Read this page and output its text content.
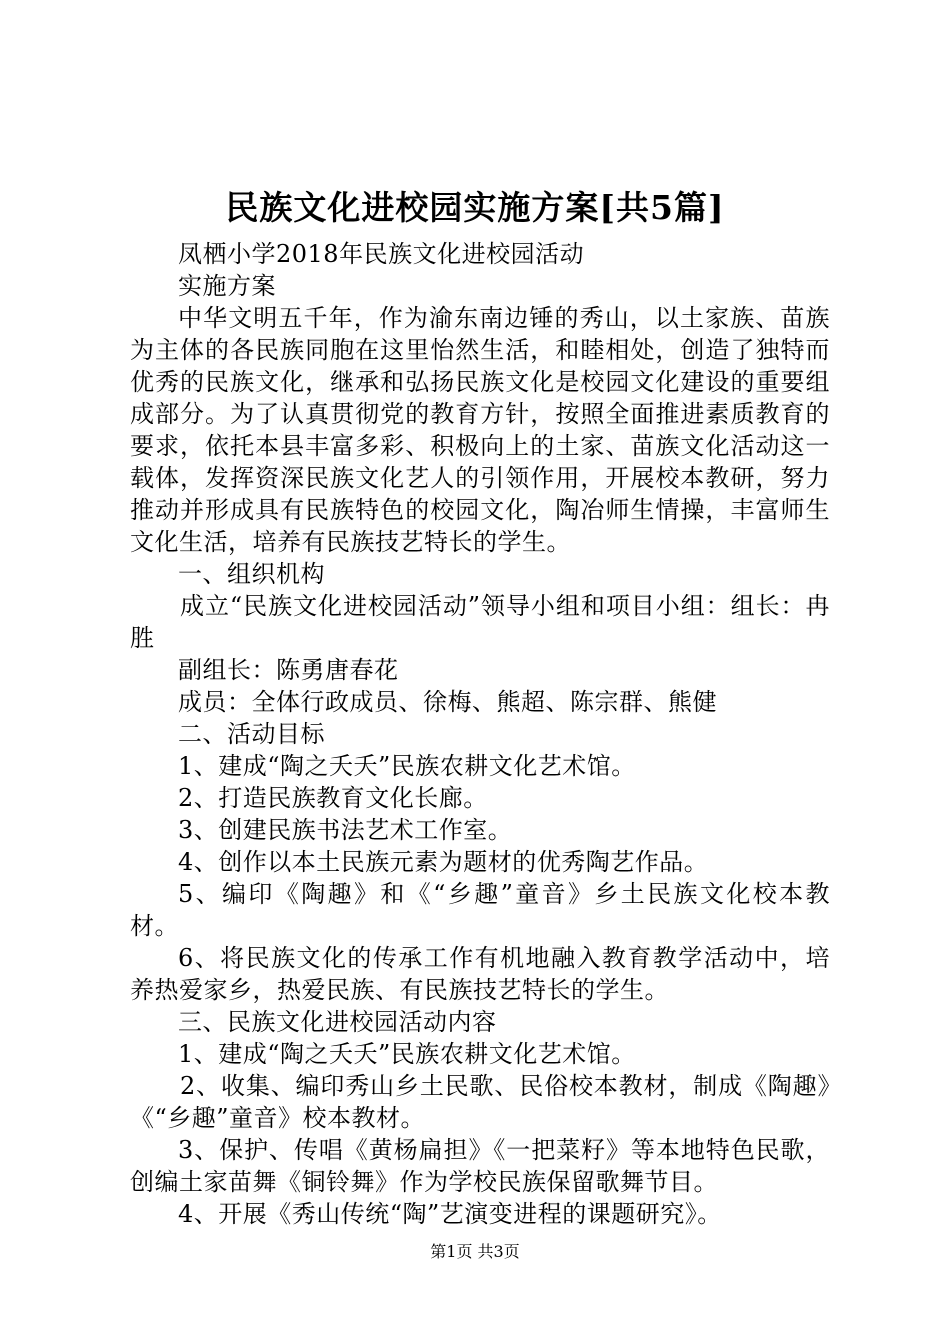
民族文化进校园实施方案[共5篇]

凤栖小学2018年民族文化进校园活动

实施方案

中华文明五千年，作为渝东南边锤的秀山，以土家族、苗族为主体的各民族同胞在这里怡然生活，和睦相处，创造了独特而优秀的民族文化，继承和弘扬民族文化是校园文化建设的重要组成部分。为了认真贯彻党的教育方针，按照全面推进素质教育的要求，依托本县丰富多彩、积极向上的土家、苗族文化活动这一载体，发挥资深民族文化艺人的引领作用，开展校本教研，努力推动并形成具有民族特色的校园文化，陶冶师生情操，丰富师生文化生活，培养有民族技艺特长的学生。

一、组织机构

成立“民族文化进校园活动”领导小组和项目小组：组长：冉胜

副组长：陈勇唐春花

成员：全体行政成员、徐梅、熊超、陈宗群、熊健

二、活动目标

1、建成“陶之夭夭”民族农耕文化艺术馆。

2、打造民族教育文化长廊。

3、创建民族书法艺术工作室。

4、创作以本土民族元素为题材的优秀陶艺作品。

5、编印《陶趣》和《“乡趣”童音》乡土民族文化校本教材。

6、将民族文化的传承工作有机地融入教育教学活动中，培养热爱家乡，热爱民族、有民族技艺特长的学生。

三、民族文化进校园活动内容

1、建成“陶之夭夭”民族农耕文化艺术馆。

2、收集、编印秀山乡土民歌、民俗校本教材，制成《陶趣》《“乡趣”童音》校本教材。

3、保护、传唱《黄杨扁担》《一把菜籽》等本地特色民歌，创编土家苗舞《铜铃舞》作为学校民族保留歌舞节目。

4、开展《秀山传统“陶”艺演变进程的课题研究》。

第1页 共3页
